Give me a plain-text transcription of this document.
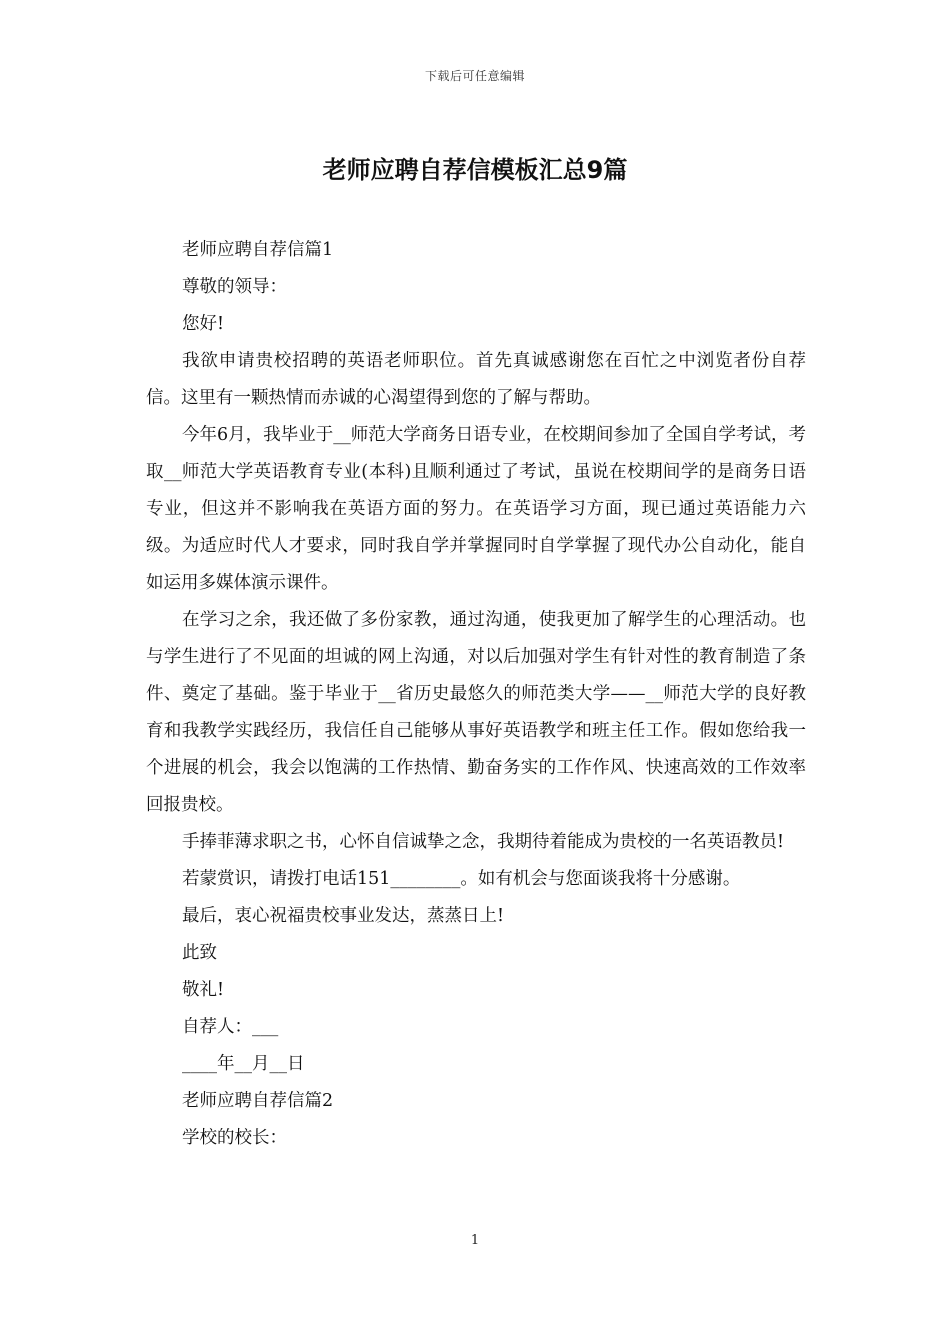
下载后可任意编辑
老师应聘自荐信模板汇总9篇

老师应聘自荐信篇1

尊敬的领导：

您好!

我欲申请贵校招聘的英语老师职位。首先真诚感谢您在百忙之中浏览者份自荐信。这里有一颗热情而赤诚的心渴望得到您的了解与帮助。

今年6月，我毕业于__师范大学商务日语专业，在校期间参加了全国自学考试，考取__师范大学英语教育专业(本科)且顺利通过了考试，虽说在校期间学的是商务日语专业，但这并不影响我在英语方面的努力。在英语学习方面，现已通过英语能力六级。为适应时代人才要求，同时我自学并掌握同时自学掌握了现代办公自动化，能自如运用多媒体演示课件。

在学习之余，我还做了多份家教，通过沟通，使我更加了解学生的心理活动。也与学生进行了不见面的坦诚的网上沟通，对以后加强对学生有针对性的教育制造了条件、奠定了基础。鉴于毕业于__省历史最悠久的师范类大学——__师范大学的良好教育和我教学实践经历，我信任自己能够从事好英语教学和班主任工作。假如您给我一个进展的机会，我会以饱满的工作热情、勤奋务实的工作作风、快速高效的工作效率回报贵校。

手捧菲薄求职之书，心怀自信诚挚之念，我期待着能成为贵校的一名英语教员!

若蒙赏识，请拨打电话151________。如有机会与您面谈我将十分感谢。

最后，衷心祝福贵校事业发达，蒸蒸日上!

此致

敬礼!

自荐人：___

____年__月__日

老师应聘自荐信篇2

学校的校长：

1
